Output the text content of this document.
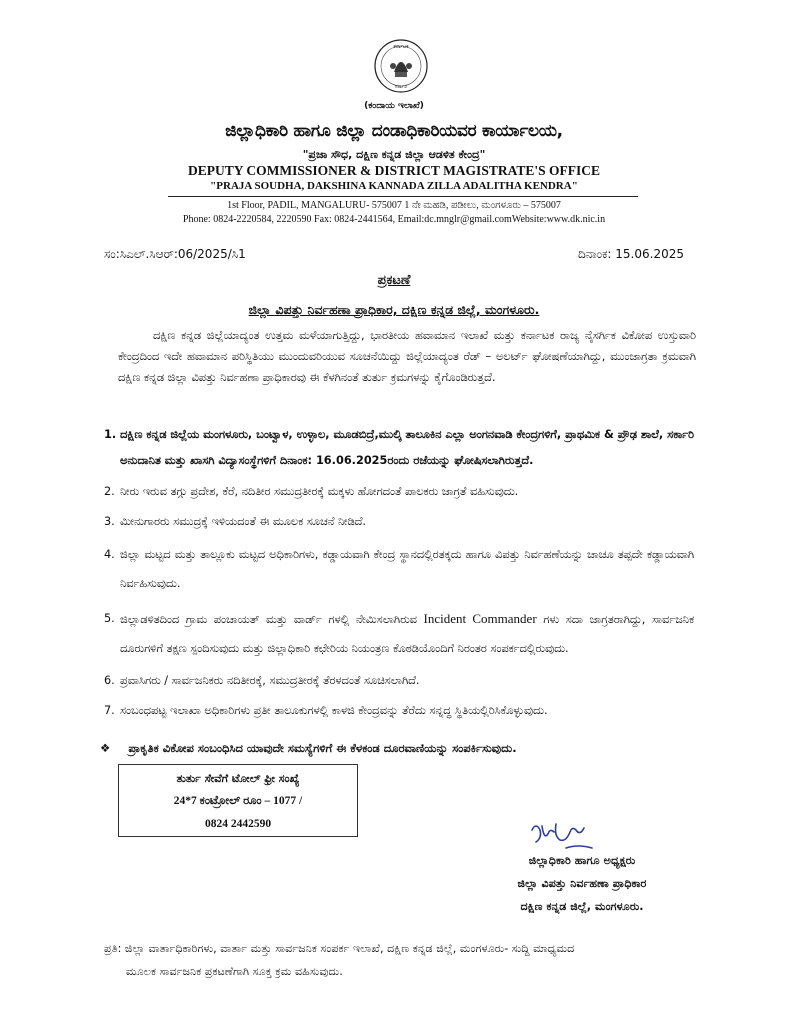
ಕರ್ನಾಟಕ
ಸರ್ಕಾರ
(ಕಂದಾಯ ಇಲಾಖೆ)
ಜಿಲ್ಲಾಧಿಕಾರಿ ಹಾಗೂ ಜಿಲ್ಲಾ ದಂಡಾಧಿಕಾರಿಯವರ ಕಾರ್ಯಾಲಯ,
"ಪ್ರಜಾ ಸೌಧ, ದಕ್ಷಿಣ ಕನ್ನಡ ಜಿಲ್ಲಾ ಆಡಳಿತ ಕೇಂದ್ರ"
DEPUTY COMMISSIONER & DISTRICT MAGISTRATE'S OFFICE
"PRAJA SOUDHA, DAKSHINA KANNADA ZILLA ADALITHA KENDRA"
1st Floor, PADIL, MANGALURU- 575007 1 ನೇ ಮಹಡಿ, ಪಡೀಲು, ಮಂಗಳೂರು – 575007
Phone: 0824-2220584, 2220590 Fax: 0824-2441564, Email:dc.mnglr@gmail.comWebsite:www.dk.nic.in
ಸಂ:ಸಿಎಲ್.ಸಿಆರ್:06/2025/ಸಿ1	ದಿನಾಂಕ: 15.06.2025
ಪ್ರಕಟಣೆ
ಜಿಲ್ಲಾ ವಿಪತ್ತು ನಿರ್ವಹಣಾ ಪ್ರಾಧಿಕಾರ, ದಕ್ಷಿಣ ಕನ್ನಡ ಜಿಲ್ಲೆ, ಮಂಗಳೂರು.
ದಕ್ಷಿಣ ಕನ್ನಡ ಜಿಲ್ಲೆಯಾದ್ಯಂತ ಉತ್ತಮ ಮಳೆಯಾಗುತ್ತಿದ್ದು, ಭಾರತೀಯ ಹವಾಮಾನ ಇಲಾಖೆ ಮತ್ತು ಕರ್ನಾಟಕ ರಾಜ್ಯ ನೈಸರ್ಗಿಕ ವಿಕೋಪ ಉಸ್ತುವಾರಿ ಕೇಂದ್ರದಿಂದ ಇದೇ ಹವಾಮಾನ ಪರಿಸ್ಥಿತಿಯು ಮುಂದುವರಿಯುವ ಸೂಚನೆಯಿದ್ದು ಜಿಲ್ಲೆಯಾದ್ಯಂತ ರೆಡ್ – ಅಲರ್ಟ್ ಘೋಷಣೆಯಾಗಿದ್ದು, ಮುಂಜಾಗ್ರತಾ ಕ್ರಮವಾಗಿ ದಕ್ಷಿಣ ಕನ್ನಡ ಜಿಲ್ಲಾ ವಿಪತ್ತು ನಿರ್ವಹಣಾ ಪ್ರಾಧಿಕಾರವು ಈ ಕೆಳಗಿನಂತೆ ತುರ್ತು ಕ್ರಮಗಳನ್ನು ಕೈಗೊಂಡಿರುತ್ತದೆ.
1. ದಕ್ಷಿಣ ಕನ್ನಡ ಜಿಲ್ಲೆಯ ಮಂಗಳೂರು, ಬಂಟ್ವಾಳ, ಉಳ್ಳಾಲ, ಮೂಡಬಿದ್ರೆ,ಮುಲ್ಕಿ ತಾಲೂಕಿನ ಎಲ್ಲಾ ಅಂಗನವಾಡಿ ಕೇಂದ್ರಗಳಿಗೆ, ಪ್ರಾಥಮಿಕ & ಪ್ರೌಢ ಶಾಲೆ, ಸರ್ಕಾರಿ ಅನುದಾನಿತ ಮತ್ತು ಖಾಸಗಿ ವಿದ್ಯಾಸಂಸ್ಥೆಗಳಿಗೆ ದಿನಾಂಕ: 16.06.2025ರಂದು ರಜೆಯನ್ನು ಘೋಷಿಸಲಾಗಿರುತ್ತದೆ.
2. ನೀರು ಇರುವ ತಗ್ಗು ಪ್ರದೇಶ, ಕೆರೆ, ನದಿತೀರ ಸಮುದ್ರತೀರಕ್ಕೆ ಮಕ್ಕಳು ಹೋಗದಂತೆ ಪಾಲಕರು ಜಾಗ್ರತೆ ವಹಿಸುವುದು.
3. ಮೀನುಗಾರರು ಸಮುದ್ರಕ್ಕೆ ಇಳಿಯದಂತೆ ಈ ಮೂಲಕ ಸೂಚನೆ ನೀಡಿದೆ.
4. ಜಿಲ್ಲಾ ಮಟ್ಟದ ಮತ್ತು ತಾಲ್ಲೂಕು ಮಟ್ಟದ ಅಧಿಕಾರಿಗಳು, ಕಡ್ಡಾಯವಾಗಿ ಕೇಂದ್ರ ಸ್ಥಾನದಲ್ಲಿರತಕ್ಕದು ಹಾಗೂ ವಿಪತ್ತು ನಿರ್ವಹಣೆಯನ್ನು ಚಾಚೂ ತಪ್ಪದೇ ಕಡ್ಡಾಯವಾಗಿ ನಿರ್ವಹಿಸುವುದು.
5. ಜಿಲ್ಲಾಡಳಿತದಿಂದ ಗ್ರಾಮ ಪಂಚಾಯತ್ ಮತ್ತು ವಾರ್ಡ್ ಗಳಲ್ಲಿ ನೇಮಿಸಲಾಗಿರುವ Incident Commander ಗಳು ಸದಾ ಜಾಗ್ರತರಾಗಿದ್ದು, ಸಾರ್ವಜನಿಕ ದೂರುಗಳಿಗೆ ತಕ್ಷಣ ಸ್ಪಂದಿಸುವುದು ಮತ್ತು ಜಿಲ್ಲಾಧಿಕಾರಿ ಕಛೇರಿಯ ನಿಯಂತ್ರಣ ಕೊಠಡಿಯೊಂದಿಗೆ ನಿರಂತರ ಸಂಪರ್ಕದಲ್ಲಿರುವುದು.
6. ಪ್ರವಾಸಿಗರು / ಸಾರ್ವಜನಿಕರು ನದಿತೀರಕ್ಕೆ, ಸಮುದ್ರತೀರಕ್ಕೆ ತೆರಳದಂತೆ ಸೂಚಿಸಲಾಗಿದೆ.
7. ಸಂಬಂಧಪಟ್ಟ ಇಲಾಖಾ ಅಧಿಕಾರಿಗಳು ಪ್ರತೀ ತಾಲೂಕುಗಳಲ್ಲಿ ಕಾಳಜಿ ಕೇಂದ್ರವನ್ನು ತೆರೆದು ಸನ್ನದ್ಧ ಸ್ಥಿತಿಯಲ್ಲಿರಿಸಿಕೊಳ್ಳುವುದು.
❖ ಪ್ರಾಕೃತಿಕ ವಿಕೋಪ ಸಂಬಂಧಿಸಿದ ಯಾವುದೇ ಸಮಸ್ಯೆಗಳಿಗೆ ಈ ಕೆಳಕಂಡ ದೂರವಾಣಿಯನ್ನು ಸಂಪರ್ಕಿಸುವುದು.
ತುರ್ತು ಸೇವೆಗೆ ಟೋಲ್ ಫ್ರೀ ಸಂಖ್ಯೆ
24*7 ಕಂಟ್ರೋಲ್ ರೂಂ – 1077 /
0824 2442590
ಜಿಲ್ಲಾಧಿಕಾರಿ ಹಾಗೂ ಅಧ್ಯಕ್ಷರು
ಜಿಲ್ಲಾ ವಿಪತ್ತು ನಿರ್ವಹಣಾ ಪ್ರಾಧಿಕಾರ
ದಕ್ಷಿಣ ಕನ್ನಡ ಜಿಲ್ಲೆ, ಮಂಗಳೂರು.
ಪ್ರತಿ: ಜಿಲ್ಲಾ ವಾರ್ತಾಧಿಕಾರಿಗಳು, ವಾರ್ತಾ ಮತ್ತು ಸಾರ್ವಜನಿಕ ಸಂಪರ್ಕ ಇಲಾಖೆ, ದಕ್ಷಿಣ ಕನ್ನಡ ಜಿಲ್ಲೆ, ಮಂಗಳೂರು- ಸುದ್ದಿ ಮಾಧ್ಯಮದ
ಮೂಲಕ ಸಾರ್ವಜನಿಕ ಪ್ರಕಟಣೆಗಾಗಿ ಸೂಕ್ತ ಕ್ರಮ ವಹಿಸುವುದು.
